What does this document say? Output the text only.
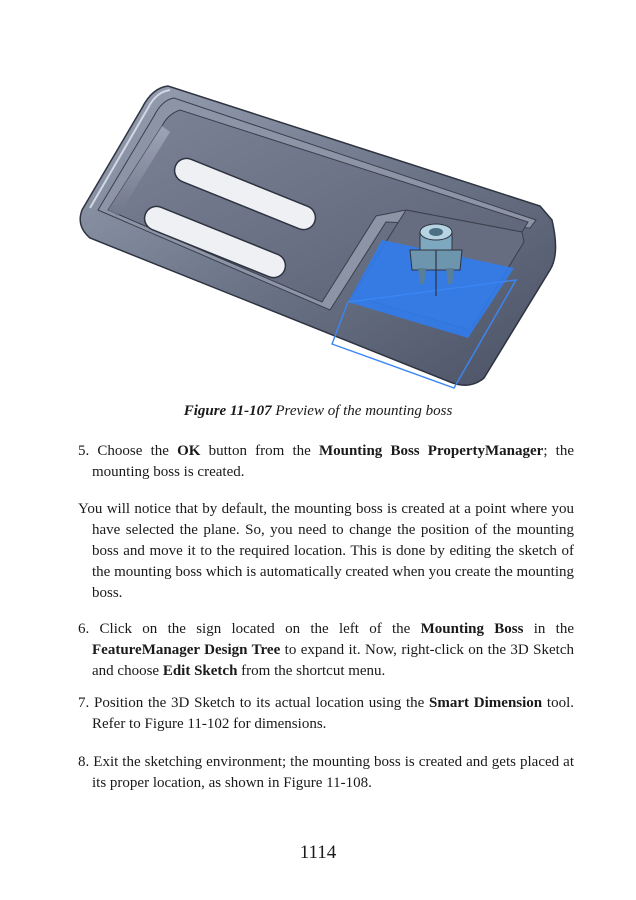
Figure 11-107 Preview of the mounting boss

5. Choose the OK button from the Mounting Boss PropertyManager; the mounting boss is created.

You will notice that by default, the mounting boss is created at a point where you have selected the plane. So, you need to change the position of the mounting boss and move it to the required location. This is done by editing the sketch of the mounting boss which is automatically created when you create the mounting boss.

6. Click on the sign located on the left of the Mounting Boss in the FeatureManager Design Tree to expand it. Now, right-click on the 3D Sketch and choose Edit Sketch from the shortcut menu.

7. Position the 3D Sketch to its actual location using the Smart Dimension tool. Refer to Figure 11-102 for dimensions.

8. Exit the sketching environment; the mounting boss is created and gets placed at its proper location, as shown in Figure 11-108.

1114
